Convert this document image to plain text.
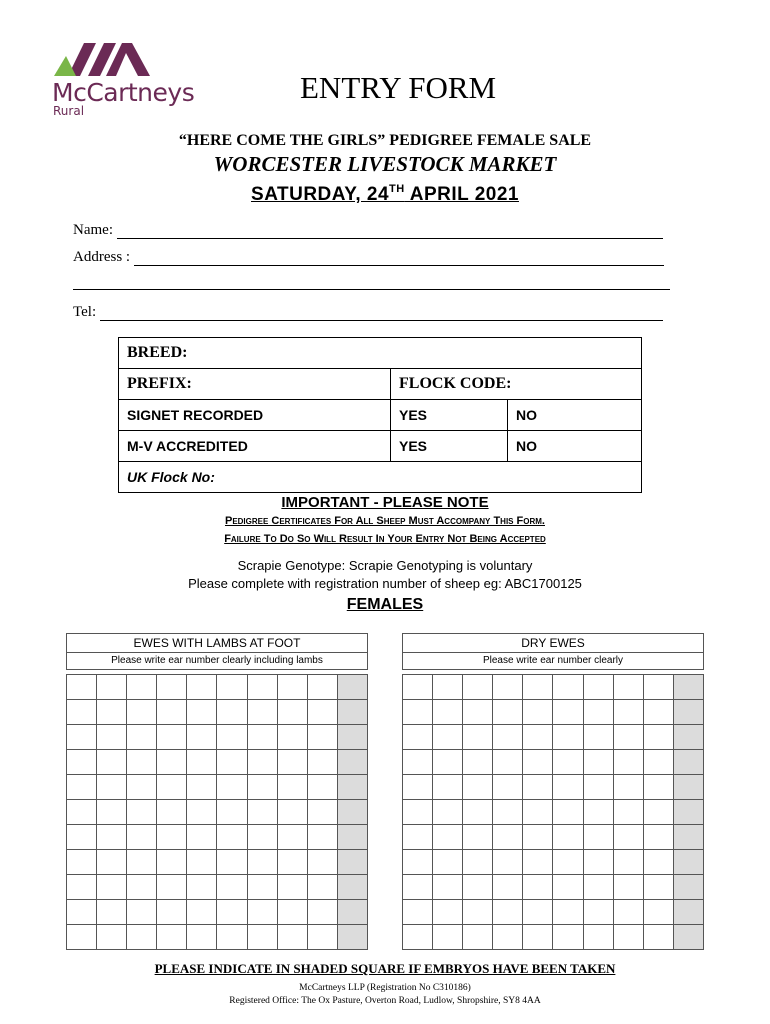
McCartneys
Rural
ENTRY FORM
“HERE COME THE GIRLS” PEDIGREE FEMALE SALE
WORCESTER LIVESTOCK MARKET
SATURDAY, 24TH APRIL 2021
Name:
Address :
Tel:
BREED:		
PREFIX:	FLOCK CODE:	
SIGNET RECORDED	YES	NO
M-V ACCREDITED	YES	NO
UK Flock No:		
IMPORTANT - PLEASE NOTE
Pedigree Certificates For All Sheep Must Accompany This Form.
Failure To Do So Will Result In Your Entry Not Being Accepted
Scrapie Genotype: Scrapie Genotyping is voluntary
Please complete with registration number of sheep eg: ABC1700125
FEMALES
EWES WITH LAMBS AT FOOT
Please write ear number clearly including lambs

DRY EWES
Please write ear number clearly

PLEASE INDICATE IN SHADED SQUARE IF EMBRYOS HAVE BEEN TAKEN
McCartneys LLP (Registration No C310186)
Registered Office: The Ox Pasture, Overton Road, Ludlow, Shropshire, SY8 4AA
